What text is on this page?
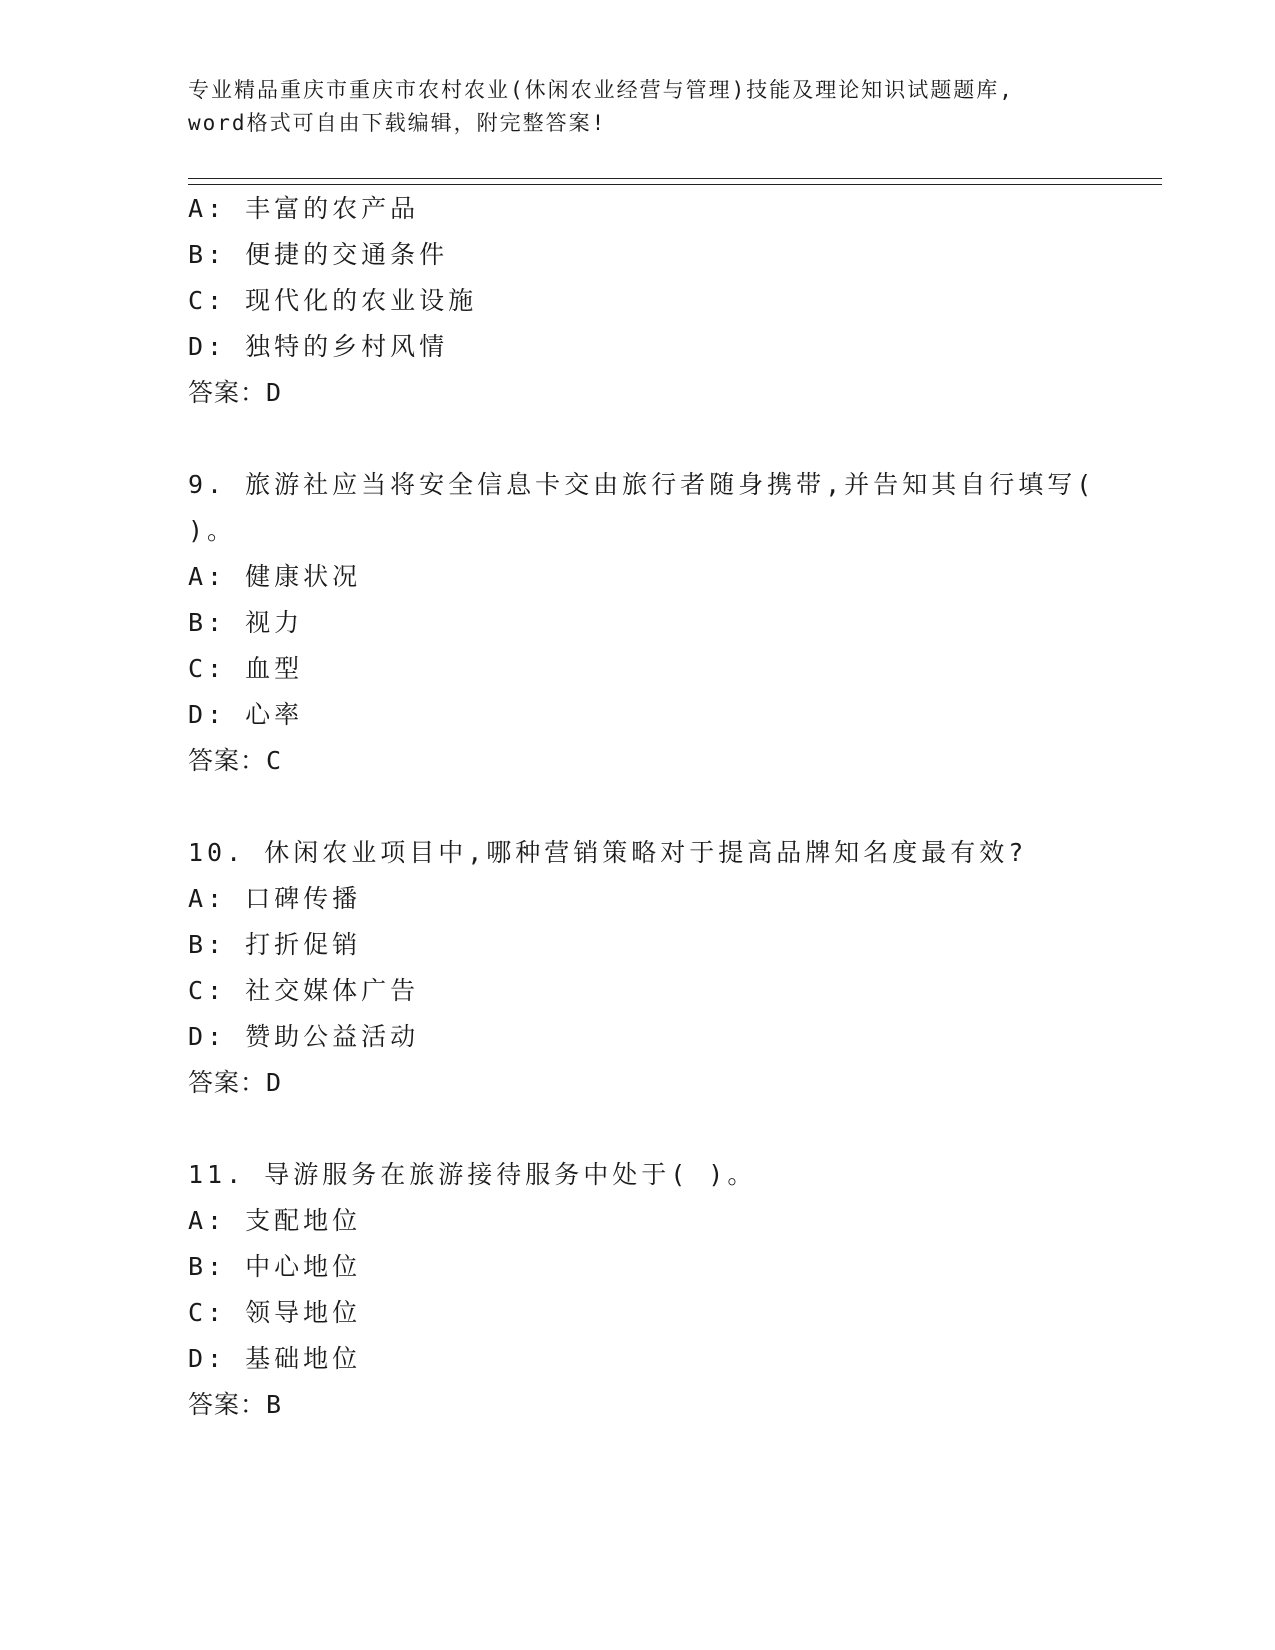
专业精品重庆市重庆市农村农业(休闲农业经营与管理)技能及理论知识试题题库,
word格式可自由下载编辑，附完整答案!
A: 丰富的农产品
B: 便捷的交通条件
C: 现代化的农业设施
D: 独特的乡村风情
答案：D
9. 旅游社应当将安全信息卡交由旅行者随身携带,并告知其自行填写(
)。
A: 健康状况
B: 视力
C: 血型
D: 心率
答案：C
10. 休闲农业项目中,哪种营销策略对于提高品牌知名度最有效?
A: 口碑传播
B: 打折促销
C: 社交媒体广告
D: 赞助公益活动
答案：D
11. 导游服务在旅游接待服务中处于( )。
A: 支配地位
B: 中心地位
C: 领导地位
D: 基础地位
答案：B
